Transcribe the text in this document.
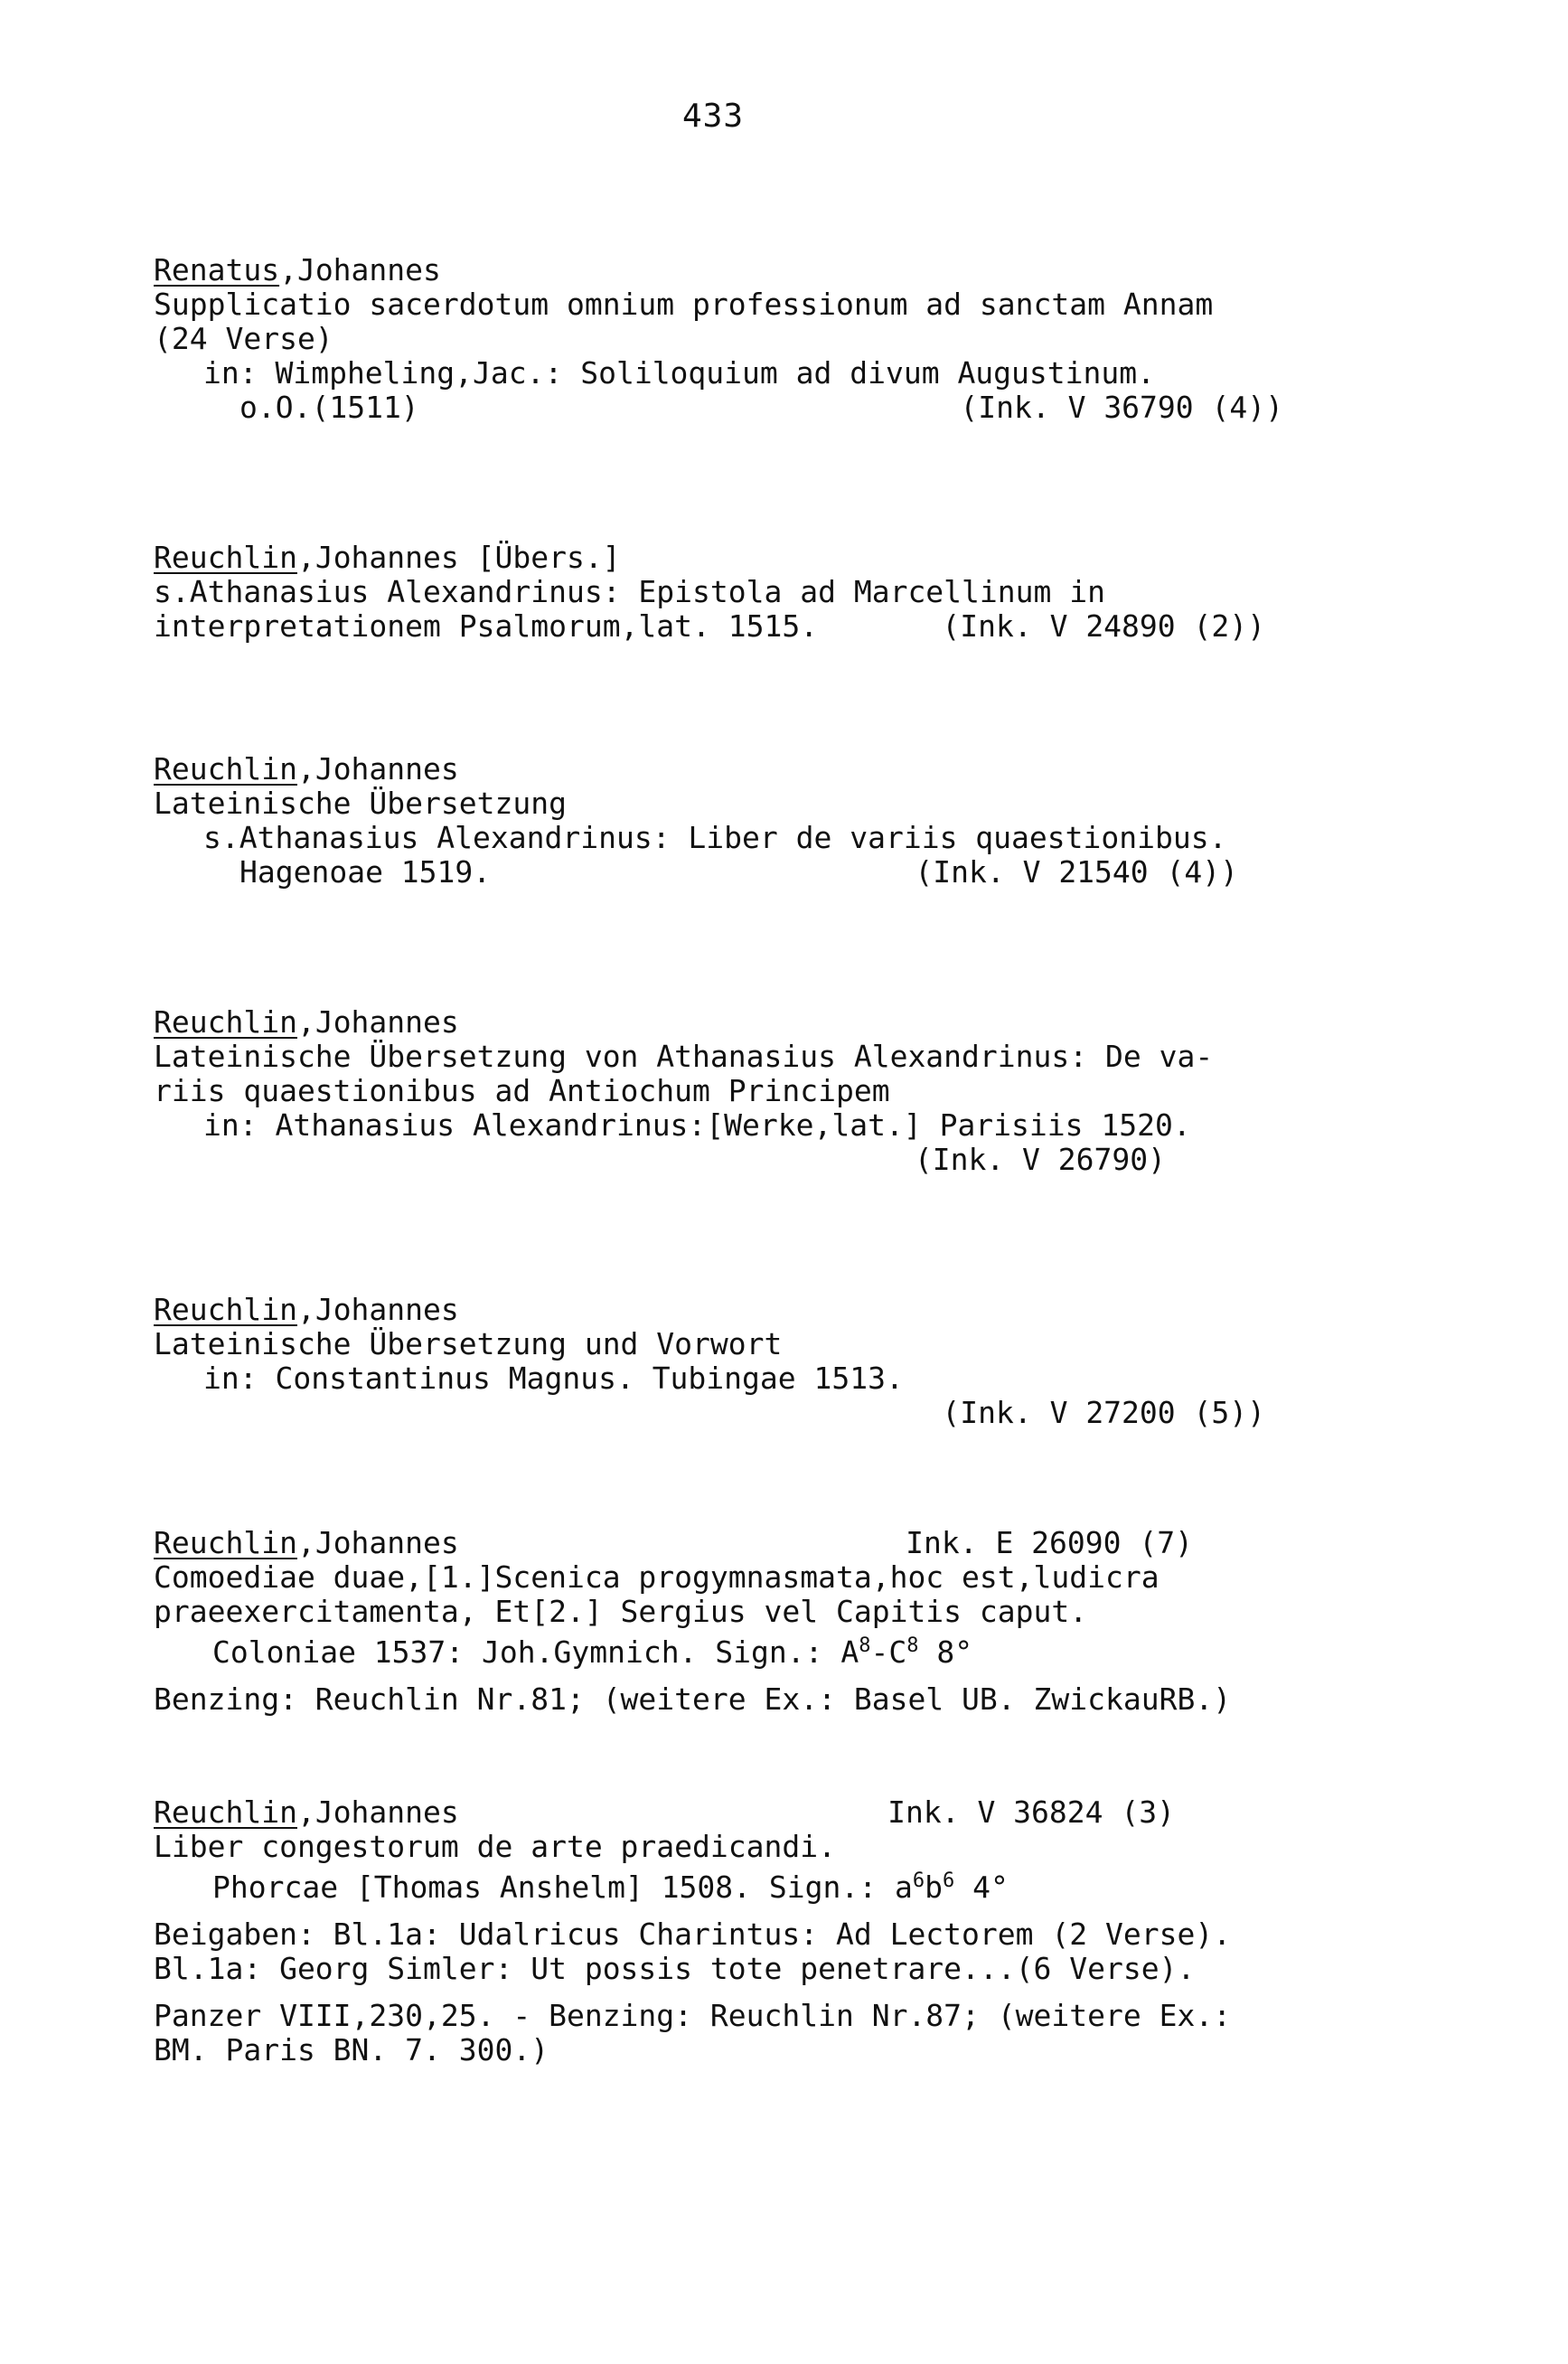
433
Renatus,Johannes
Supplicatio sacerdotum omnium professionum ad sanctam Annam
(24 Verse)
in: Wimpheling,Jac.: Soliloquium ad divum Augustinum.
o.O.(1511)	(Ink. V 36790 (4))
Reuchlin,Johannes [Übers.]
s.Athanasius Alexandrinus: Epistola ad Marcellinum in
interpretationem Psalmorum,lat. 1515.	(Ink. V 24890 (2))
Reuchlin,Johannes
Lateinische Übersetzung
s.Athanasius Alexandrinus: Liber de variis quaestionibus.
Hagenoae 1519.	(Ink. V 21540 (4))
Reuchlin,Johannes
Lateinische Übersetzung von Athanasius Alexandrinus: De va-
riis quaestionibus ad Antiochum Principem
in: Athanasius Alexandrinus:[Werke,lat.] Parisiis 1520.
(Ink. V 26790)
Reuchlin,Johannes
Lateinische Übersetzung und Vorwort
in: Constantinus Magnus. Tubingae 1513.
(Ink. V 27200 (5))
Reuchlin,Johannes	Ink. E 26090 (7)
Comoediae duae,[1.]Scenica progymnasmata,hoc est,ludicra
praeexercitamenta, Et[2.] Sergius vel Capitis caput.
Coloniae 1537: Joh.Gymnich. Sign.: $A^8-C^8$ 8°
Benzing: Reuchlin Nr.81; (weitere Ex.: Basel UB. ZwickauRB.)
Reuchlin,Johannes	Ink. V 36824 (3)
Liber congestorum de arte praedicandi.
Phorcae [Thomas Anshelm] 1508. Sign.: $a^6b^6$ 4°
Beigaben: Bl.1a: Udalricus Charintus: Ad Lectorem (2 Verse).
Bl.1a: Georg Simler: Ut possis tote penetrare...(6 Verse).
Panzer VIII,230,25. - Benzing: Reuchlin Nr.87; (weitere Ex.:
BM. Paris BN. 7. 300.)
